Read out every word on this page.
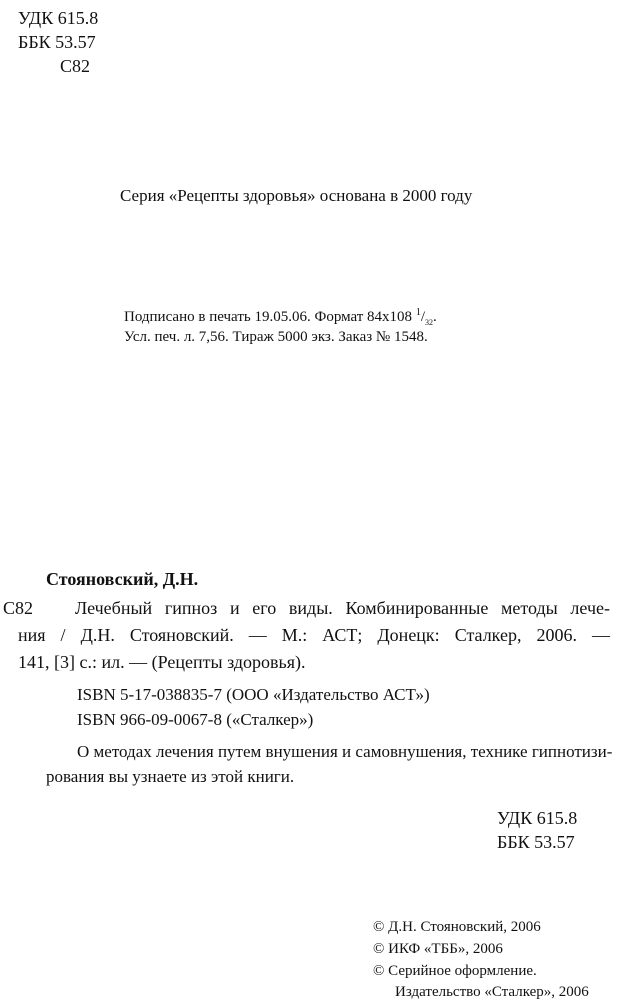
УДК 615.8
ББК 53.57
С82
Серия «Рецепты здоровья» основана в 2000 году
Подписано в печать 19.05.06. Формат 84x108 $^1/_{32}$.
Усл. печ. л. 7,56. Тираж 5000 экз. Заказ № 1548.
Стояновский, Д.Н.
С82 Лечебный гипноз и его виды. Комбинированные методы лече-
ния / Д.Н. Стояновский. — М.: АСТ; Донецк: Сталкер, 2006. —
141, [3] с.: ил. — (Рецепты здоровья).
ISBN 5-17-038835-7 (ООО «Издательство АСТ»)
ISBN 966-09-0067-8 («Сталкер»)
О методах лечения путем внушения и самовнушения, технике гипнотизи-
рования вы узнаете из этой книги.
УДК 615.8
ББК 53.57
© Д.Н. Стояновский, 2006
© ИКФ «ТББ», 2006
© Серийное оформление.
Издательство «Сталкер», 2006
